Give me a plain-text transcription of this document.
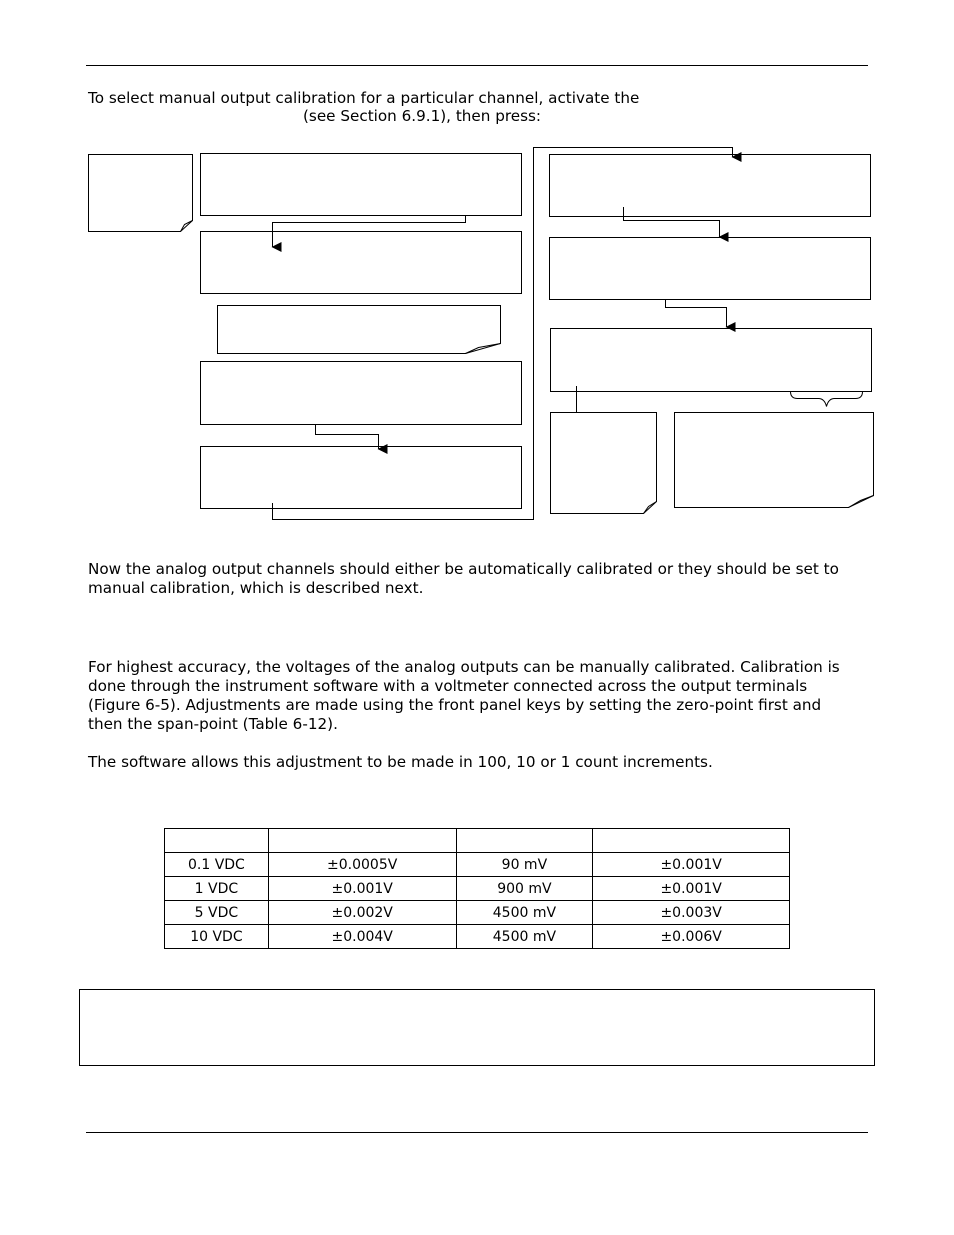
To select manual output calibration for a particular channel, activate the
(see Section 6.9.1), then press:
Now the analog output channels should either be automatically calibrated or they should be set to
manual calibration, which is described next.
For highest accuracy, the voltages of the analog outputs can be manually calibrated. Calibration is
done through the instrument software with a voltmeter connected across the output terminals
(Figure 6-5). Adjustments are made using the front panel keys by setting the zero-point first and
then the span-point (Table 6-12).
The software allows this adjustment to be made in 100, 10 or 1 count increments.

0.1 VDC	±0.0005V	90 mV	±0.001V
1 VDC	±0.001V	900 mV	±0.001V
5 VDC	±0.002V	4500 mV	±0.003V
10 VDC	±0.004V	4500 mV	±0.006V
